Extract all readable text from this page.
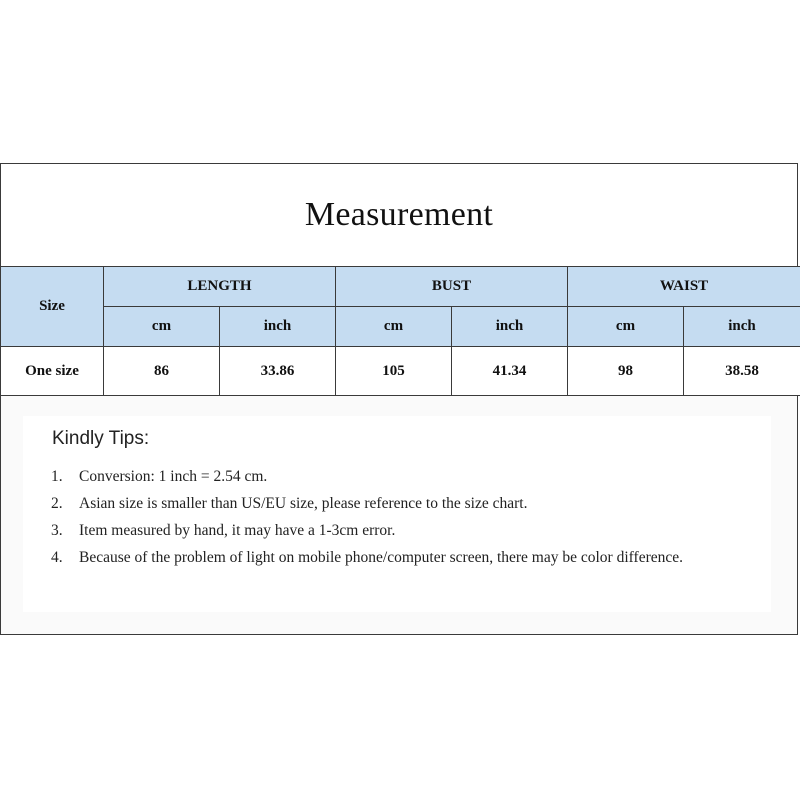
Measurement
Size	LENGTH		BUST		WAIST	
	cm	inch	cm	inch	cm	inch
One size	86	33.86	105	41.34	98	38.58
Kindly Tips:
1.	Conversion: 1 inch = 2.54 cm.
2.	Asian size is smaller than US/EU size, please reference to the size chart.
3.	Item measured by hand, it may have a 1-3cm error.
4.	Because of the problem of light on mobile phone/computer screen, there may be color difference.
